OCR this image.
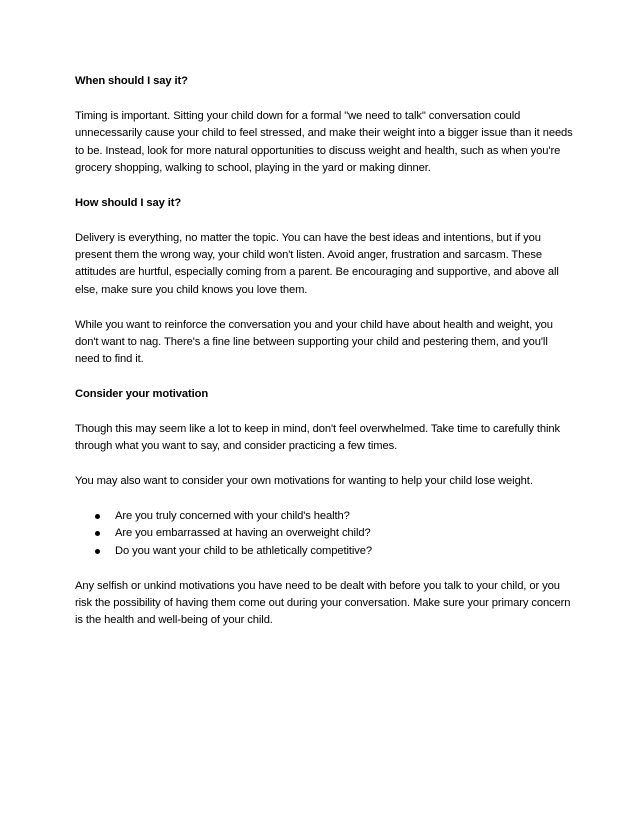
When should I say it?

Timing is important. Sitting your child down for a formal "we need to talk" conversation could unnecessarily cause your child to feel stressed, and make their weight into a bigger issue than it needs to be. Instead, look for more natural opportunities to discuss weight and health, such as when you're grocery shopping, walking to school, playing in the yard or making dinner.

How should I say it?

Delivery is everything, no matter the topic. You can have the best ideas and intentions, but if you present them the wrong way, your child won't listen. Avoid anger, frustration and sarcasm. These attitudes are hurtful, especially coming from a parent. Be encouraging and supportive, and above all else, make sure you child knows you love them.

While you want to reinforce the conversation you and your child have about health and weight, you don't want to nag. There's a fine line between supporting your child and pestering them, and you'll need to find it.

Consider your motivation

Though this may seem like a lot to keep in mind, don't feel overwhelmed. Take time to carefully think through what you want to say, and consider practicing a few times.

You may also want to consider your own motivations for wanting to help your child lose weight.

Are you truly concerned with your child's health?
Are you embarrassed at having an overweight child?
Do you want your child to be athletically competitive?

Any selfish or unkind motivations you have need to be dealt with before you talk to your child, or you risk the possibility of having them come out during your conversation. Make sure your primary concern is the health and well-being of your child.
